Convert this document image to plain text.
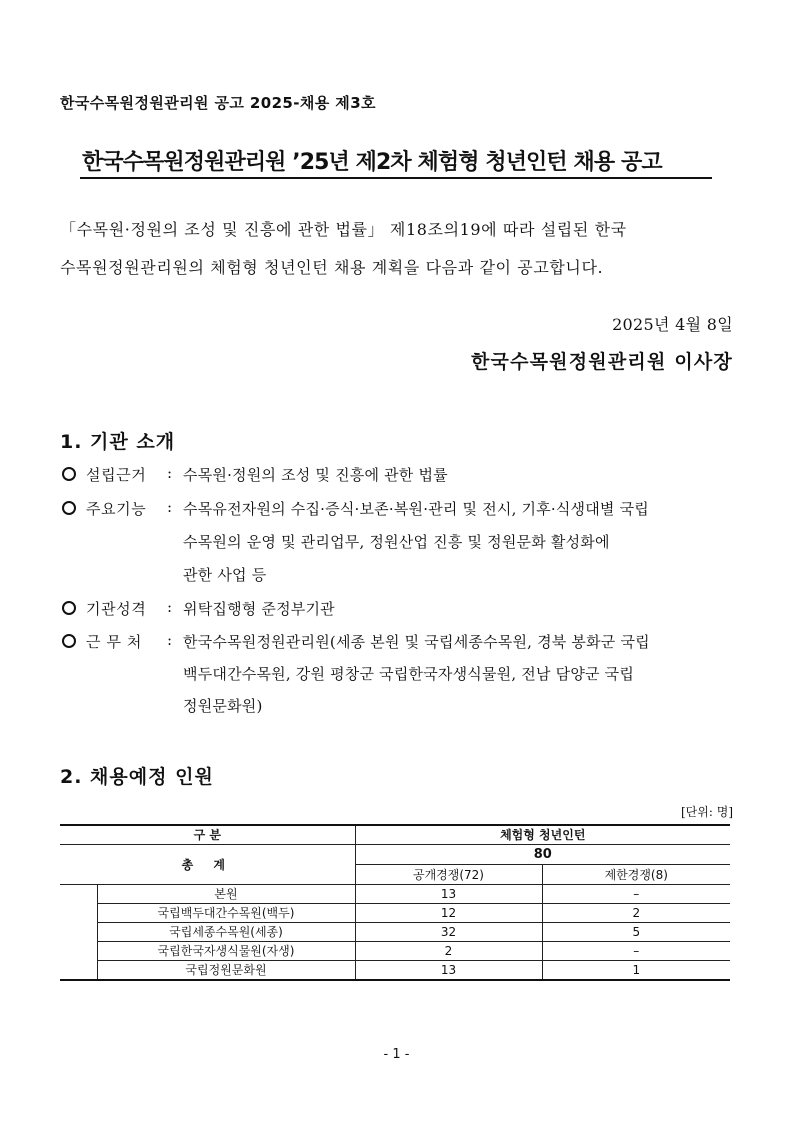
한국수목원정원관리원 공고 2025-채용 제3호
한국수목원정원관리원 ’25년 제2차 체험형 청년인턴 채용 공고
「수목원·정원의 조성 및 진흥에 관한 법률」 제18조의19에 따라 설립된 한국
수목원정원관리원의 체험형 청년인턴 채용 계획을 다음과 같이 공고합니다.
2025년 4월 8일
한국수목원정원관리원 이사장
1. 기관 소개
설립근거 : 수목원·정원의 조성 및 진흥에 관한 법률
주요기능 : 수목유전자원의 수집·증식·보존·복원·관리 및 전시, 기후·식생대별 국립
수목원의 운영 및 관리업무, 정원산업 진흥 및 정원문화 활성화에
관한 사업 등
기관성격 : 위탁집행형 준정부기관
근 무 처 : 한국수목원정원관리원(세종 본원 및 국립세종수목원, 경북 봉화군 국립
백두대간수목원, 강원 평창군 국립한국자생식물원, 전남 담양군 국립
정원문화원)
2. 채용예정 인원
[단위: 명]
구 분		체험형 청년인턴	
총 계		80	
		공개경쟁(72)	제한경쟁(8)
	본원	13	–
	국립백두대간수목원(백두)	12	2
	국립세종수목원(세종)	32	5
	국립한국자생식물원(자생)	2	–
	국립정원문화원	13	1
- 1 -
